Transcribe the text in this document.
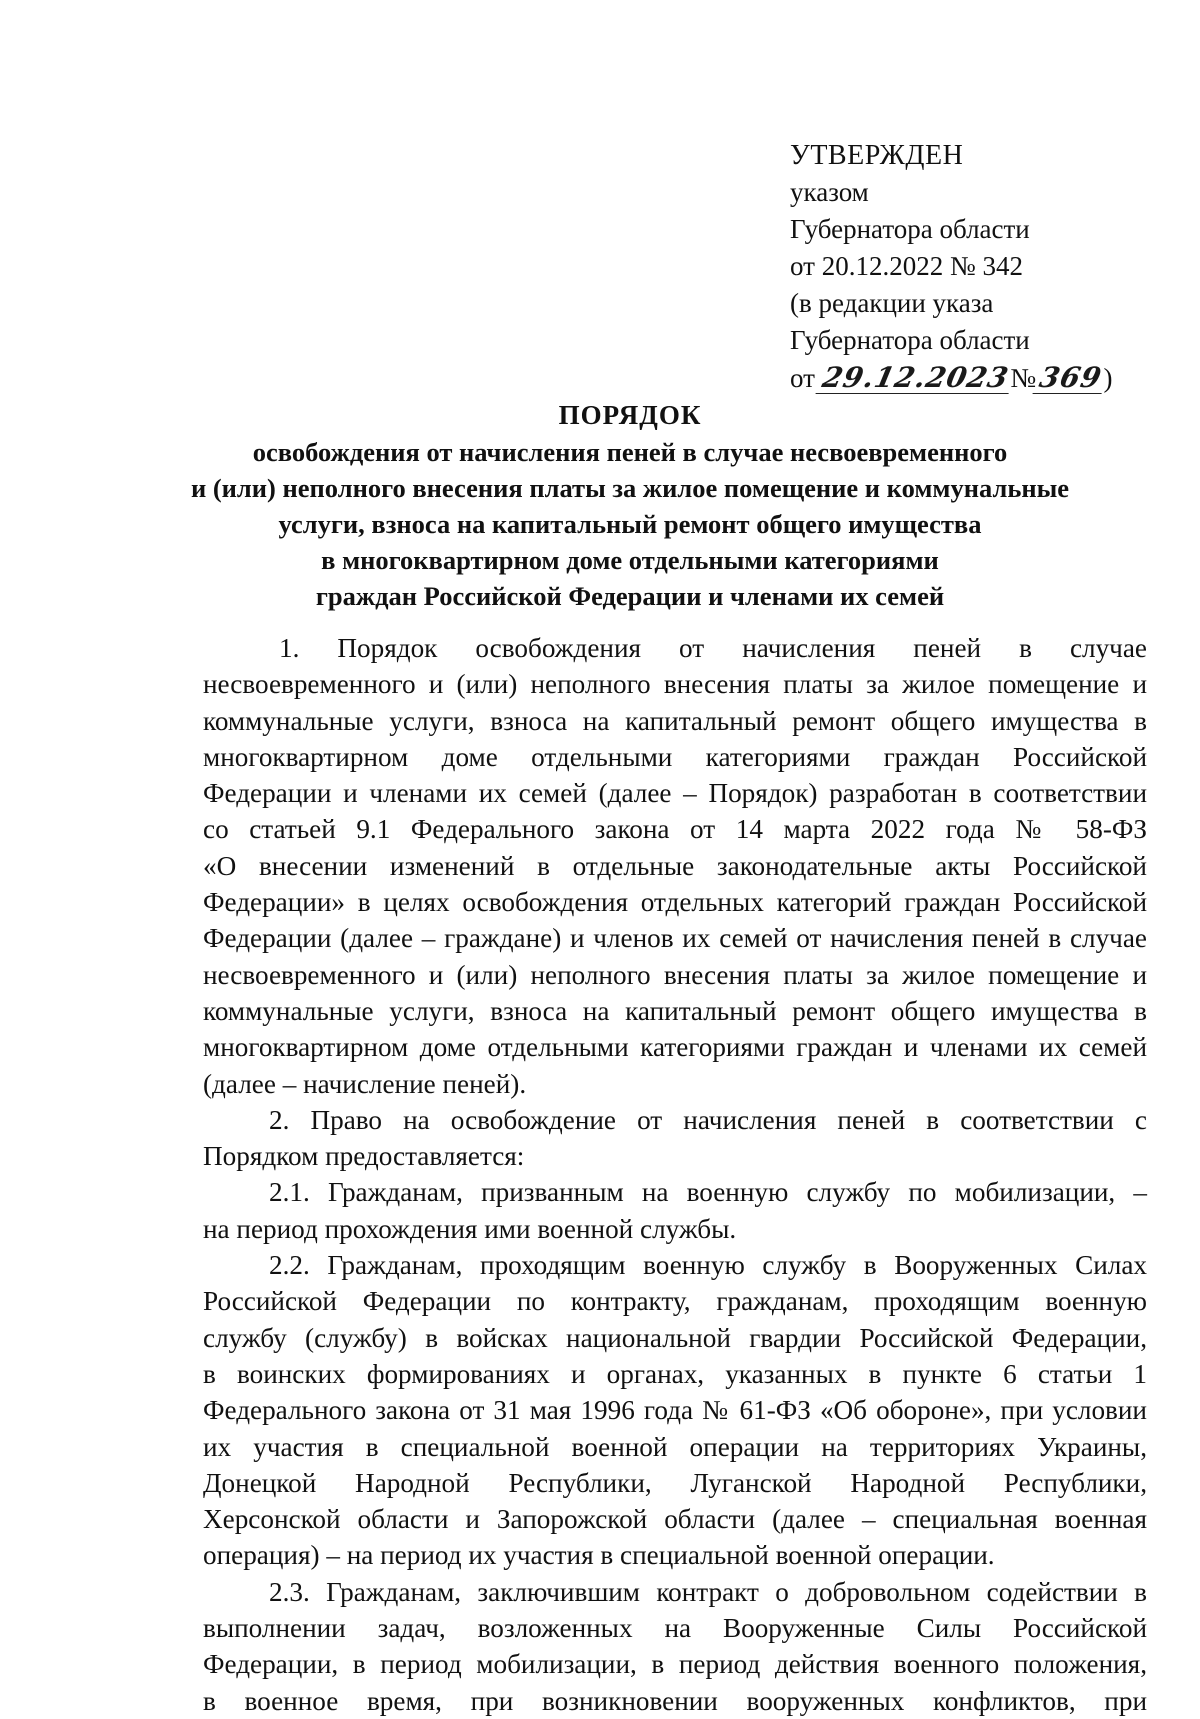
УТВЕРЖДЕН
указом
Губернатора области
от 20.12.2022 № 342
(в редакции указа
Губернатора области
от 29.12.2023
№ 369
)
ПОРЯДОК
освобождения от начисления пеней в случае несвоевременного
и (или) неполного внесения платы за жилое помещение и коммунальные
услуги, взноса на капитальный ремонт общего имущества
в многоквартирном доме отдельными категориями
граждан Российской Федерации и членами их семей
1. Порядок освобождения от начисления пеней в случае
несвоевременного и (или) неполного внесения платы за жилое помещение и
коммунальные услуги, взноса на капитальный ремонт общего имущества в
многоквартирном доме отдельными категориями граждан Российской
Федерации и членами их семей (далее – Порядок) разработан в соответствии
со статьей 9.1 Федерального закона от 14 марта 2022 года № 58-ФЗ
«О внесении изменений в отдельные законодательные акты Российской
Федерации» в целях освобождения отдельных категорий граждан Российской
Федерации (далее – граждане) и членов их семей от начисления пеней в случае
несвоевременного и (или) неполного внесения платы за жилое помещение и
коммунальные услуги, взноса на капитальный ремонт общего имущества в
многоквартирном доме отдельными категориями граждан и членами их семей
(далее – начисление пеней).
2. Право на освобождение от начисления пеней в соответствии с
Порядком предоставляется:
2.1. Гражданам, призванным на военную службу по мобилизации, –
на период прохождения ими военной службы.
2.2. Гражданам, проходящим военную службу в Вооруженных Силах
Российской Федерации по контракту, гражданам, проходящим военную
службу (службу) в войсках национальной гвардии Российской Федерации,
в воинских формированиях и органах, указанных в пункте 6 статьи 1
Федерального закона от 31 мая 1996 года № 61-ФЗ «Об обороне», при условии
их участия в специальной военной операции на территориях Украины,
Донецкой Народной Республики, Луганской Народной Республики,
Херсонской области и Запорожской области (далее – специальная военная
операция) – на период их участия в специальной военной операции.
2.3. Гражданам, заключившим контракт о добровольном содействии в
выполнении задач, возложенных на Вооруженные Силы Российской
Федерации, в период мобилизации, в период действия военного положения,
в военное время, при возникновении вооруженных конфликтов, при
